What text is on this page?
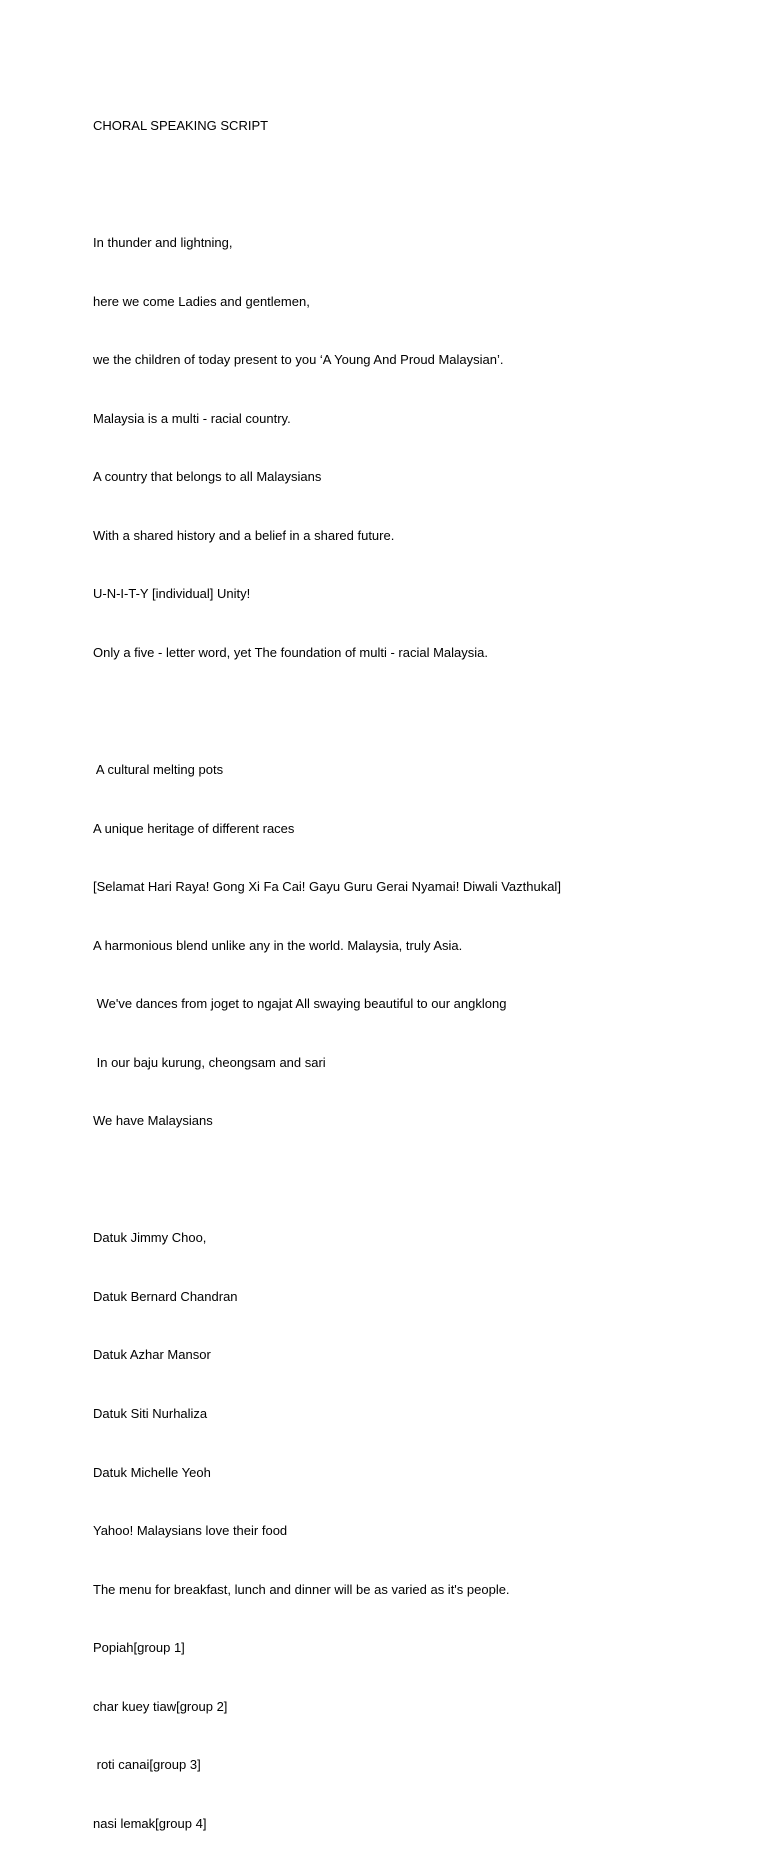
CHORAL SPEAKING SCRIPT

In thunder and lightning,

here we come Ladies and gentlemen,

we the children of today present to you ‘A Young And Proud Malaysian’.

Malaysia is a multi - racial country.

A country that belongs to all Malaysians

With a shared history and a belief in a shared future.

U-N-I-T-Y [individual] Unity!

Only a five - letter word, yet The foundation of multi - racial Malaysia.

A cultural melting pots

A unique heritage of different races

[Selamat Hari Raya! Gong Xi Fa Cai! Gayu Guru Gerai Nyamai! Diwali Vazthukal]

A harmonious blend unlike any in the world. Malaysia, truly Asia.

We've dances from joget to ngajat All swaying beautiful to our angklong

In our baju kurung, cheongsam and sari

We have Malaysians

Datuk Jimmy Choo,

Datuk Bernard Chandran

Datuk Azhar Mansor

Datuk Siti Nurhaliza

Datuk Michelle Yeoh

Yahoo! Malaysians love their food

The menu for breakfast, lunch and dinner will be as varied as it's people.

Popiah[group 1]

char kuey tiaw[group 2]

roti canai[group 3]

nasi lemak[group 4]
